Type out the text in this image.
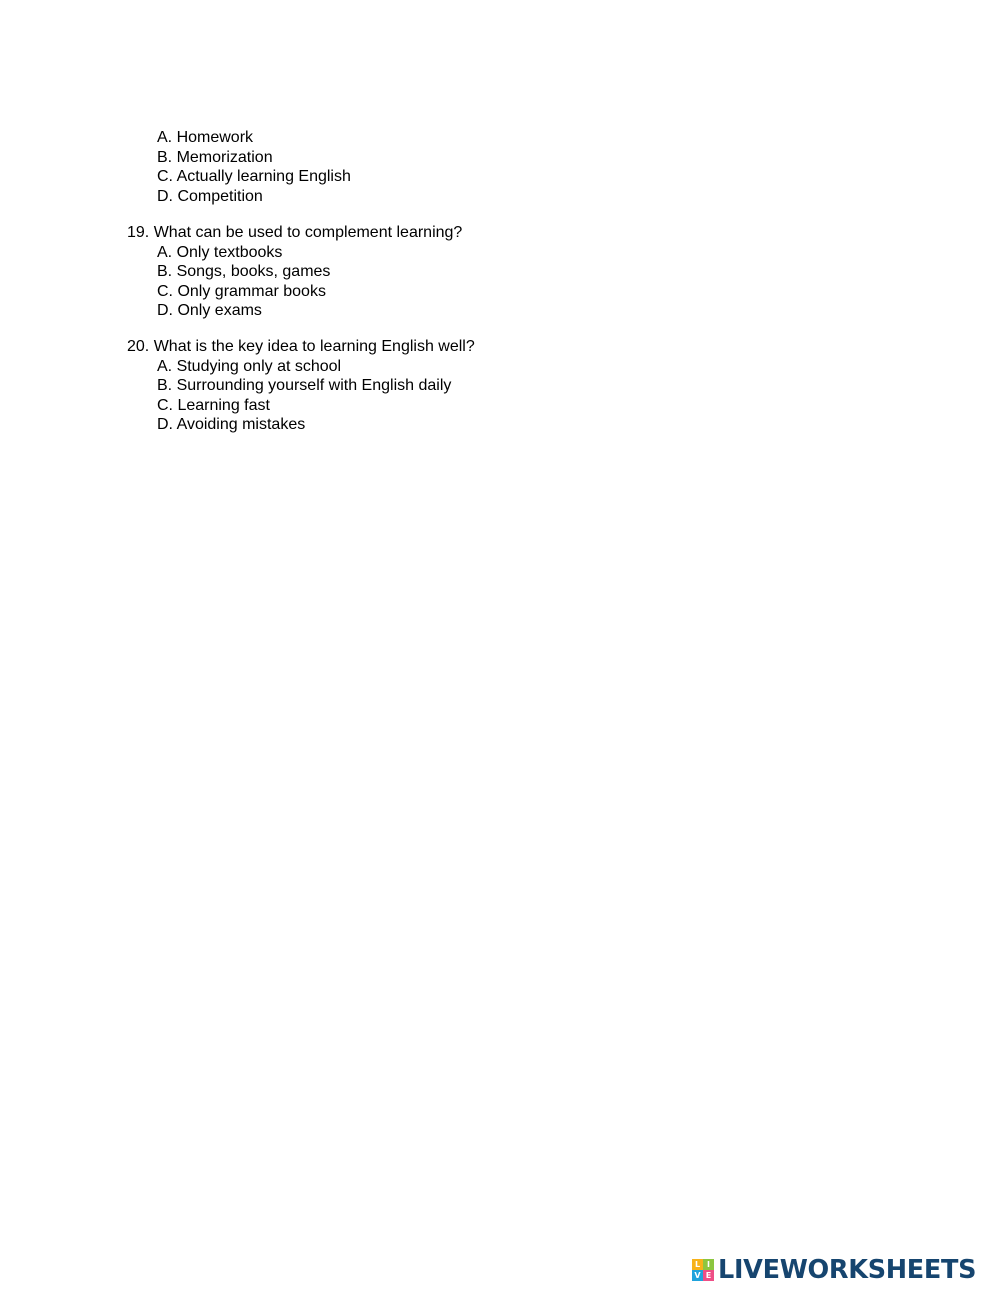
A. Homework
B. Memorization
C. Actually learning English
D. Competition
19. What can be used to complement learning?
A. Only textbooks
B. Songs, books, games
C. Only grammar books
D. Only exams
20. What is the key idea to learning English well?
A. Studying only at school
B. Surrounding yourself with English daily
C. Learning fast
D. Avoiding mistakes
L I
V E LIVEWORKSHEETS
